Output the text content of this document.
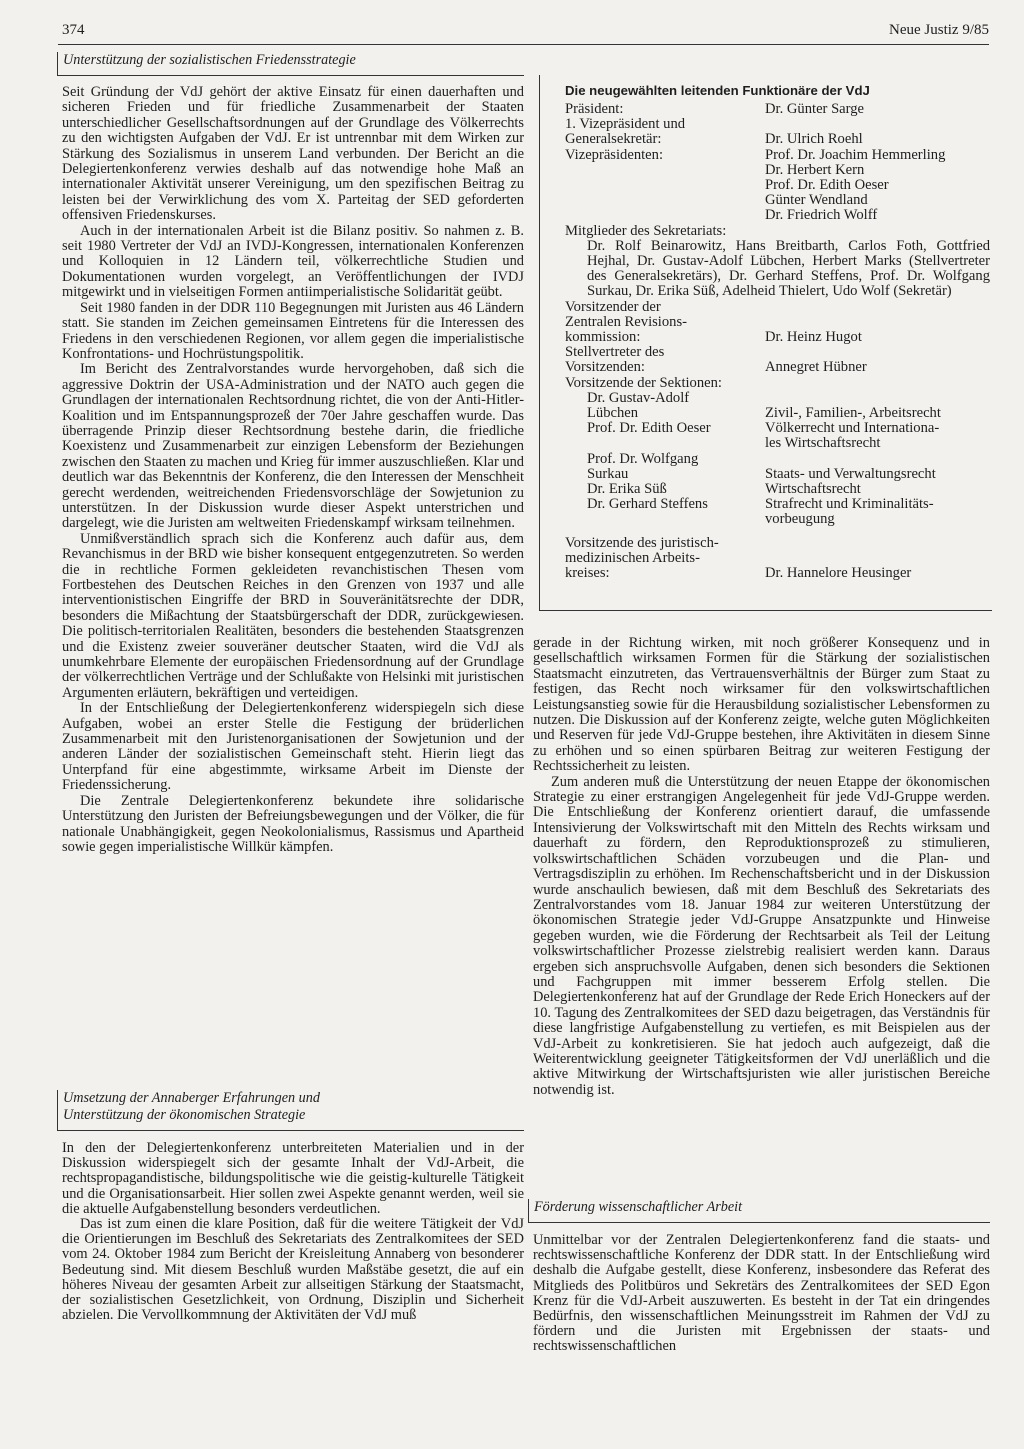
374	Neue Justiz 9/85
Unterstützung der sozialistischen Friedensstrategie

Seit Gründung der VdJ gehört der aktive Einsatz für einen dauerhaften und sicheren Frieden und für friedliche Zusammenarbeit der Staaten unterschiedlicher Gesellschaftsordnungen auf der Grundlage des Völkerrechts zu den wichtigsten Aufgaben der VdJ. Er ist untrennbar mit dem Wirken zur Stärkung des Sozialismus in unserem Land verbunden. Der Bericht an die Delegiertenkonferenz verwies deshalb auf das notwendige hohe Maß an internationaler Aktivität unserer Vereinigung, um den spezifischen Beitrag zu leisten bei der Verwirklichung des vom X. Parteitag der SED geforderten offensiven Friedenskurses.

Auch in der internationalen Arbeit ist die Bilanz positiv. So nahmen z. B. seit 1980 Vertreter der VdJ an IVDJ-Kongressen, internationalen Konferenzen und Kolloquien in 12 Ländern teil, völkerrechtliche Studien und Dokumentationen wurden vorgelegt, an Veröffentlichungen der IVDJ mitgewirkt und in vielseitigen Formen antiimperialistische Solidarität geübt.

Seit 1980 fanden in der DDR 110 Begegnungen mit Juristen aus 46 Ländern statt. Sie standen im Zeichen gemeinsamen Eintretens für die Interessen des Friedens in den verschiedenen Regionen, vor allem gegen die imperialistische Konfrontations- und Hochrüstungspolitik.

Im Bericht des Zentralvorstandes wurde hervorgehoben, daß sich die aggressive Doktrin der USA-Administration und der NATO auch gegen die Grundlagen der internationalen Rechtsordnung richtet, die von der Anti-Hitler-Koalition und im Entspannungsprozeß der 70er Jahre geschaffen wurde. Das überragende Prinzip dieser Rechtsordnung bestehe darin, die friedliche Koexistenz und Zusammenarbeit zur einzigen Lebensform der Beziehungen zwischen den Staaten zu machen und Krieg für immer auszuschließen. Klar und deutlich war das Bekenntnis der Konferenz, die den Interessen der Menschheit gerecht werdenden, weitreichenden Friedensvorschläge der Sowjetunion zu unterstützen. In der Diskussion wurde dieser Aspekt unterstrichen und dargelegt, wie die Juristen am weltweiten Friedenskampf wirksam teilnehmen.

Unmißverständlich sprach sich die Konferenz auch dafür aus, dem Revanchismus in der BRD wie bisher konsequent entgegenzutreten. So werden die in rechtliche Formen gekleideten revanchistischen Thesen vom Fortbestehen des Deutschen Reiches in den Grenzen von 1937 und alle interventionistischen Eingriffe der BRD in Souveränitätsrechte der DDR, besonders die Mißachtung der Staatsbürgerschaft der DDR, zurückgewiesen. Die politisch-territorialen Realitäten, besonders die bestehenden Staatsgrenzen und die Existenz zweier souveräner deutscher Staaten, wird die VdJ als unumkehrbare Elemente der europäischen Friedensordnung auf der Grundlage der völkerrechtlichen Verträge und der Schlußakte von Helsinki mit juristischen Argumenten erläutern, bekräftigen und verteidigen.

In der Entschließung der Delegiertenkonferenz widerspiegeln sich diese Aufgaben, wobei an erster Stelle die Festigung der brüderlichen Zusammenarbeit mit den Juristenorganisationen der Sowjetunion und der anderen Länder der sozialistischen Gemeinschaft steht. Hierin liegt das Unterpfand für eine abgestimmte, wirksame Arbeit im Dienste der Friedenssicherung.

Die Zentrale Delegiertenkonferenz bekundete ihre solidarische Unterstützung den Juristen der Befreiungsbewegungen und der Völker, die für nationale Unabhängigkeit, gegen Neokolonialismus, Rassismus und Apartheid sowie gegen imperialistische Willkür kämpfen.

Umsetzung der Annaberger Erfahrungen und
Unterstützung der ökonomischen Strategie

In den der Delegiertenkonferenz unterbreiteten Materialien und in der Diskussion widerspiegelt sich der gesamte Inhalt der VdJ-Arbeit, die rechtspropagandistische, bildungspolitische wie die geistig-kulturelle Tätigkeit und die Organisationsarbeit. Hier sollen zwei Aspekte genannt werden, weil sie die aktuelle Aufgabenstellung besonders verdeutlichen.

Das ist zum einen die klare Position, daß für die weitere Tätigkeit der VdJ die Orientierungen im Beschluß des Sekretariats des Zentralkomitees der SED vom 24. Oktober 1984 zum Bericht der Kreisleitung Annaberg von besonderer Bedeutung sind. Mit diesem Beschluß wurden Maßstäbe gesetzt, die auf ein höheres Niveau der gesamten Arbeit zur allseitigen Stärkung der Staatsmacht, der sozialistischen Gesetzlichkeit, von Ordnung, Disziplin und Sicherheit abzielen. Die Vervollkommnung der Aktivitäten der VdJ muß

Die neugewählten leitenden Funktionäre der VdJ
Präsident:	Dr. Günter Sarge
1. Vizepräsident und
Generalsekretär:	Dr. Ulrich Roehl
Vizepräsidenten:	Prof. Dr. Joachim Hemmerling
Dr. Herbert Kern
Prof. Dr. Edith Oeser
Günter Wendland
Dr. Friedrich Wolff
Mitglieder des Sekretariats:
Dr. Rolf Beinarowitz, Hans Breitbarth, Carlos Foth, Gottfried Hejhal, Dr. Gustav-Adolf Lübchen, Herbert Marks (Stellvertreter des Generalsekretärs), Dr. Gerhard Steffens, Prof. Dr. Wolfgang Surkau, Dr. Erika Süß, Adelheid Thielert, Udo Wolf (Sekretär)
Vorsitzender der
Zentralen Revisions-
kommission:	Dr. Heinz Hugot
Stellvertreter des
Vorsitzenden:	Annegret Hübner
Vorsitzende der Sektionen:
Dr. Gustav-Adolf
Lübchen	Zivil-, Familien-, Arbeitsrecht
Prof. Dr. Edith Oeser	Völkerrecht und Internationa-
les Wirtschaftsrecht
Prof. Dr. Wolfgang
Surkau	Staats- und Verwaltungsrecht
Dr. Erika Süß	Wirtschaftsrecht
Dr. Gerhard Steffens	Strafrecht und Kriminalitäts-
vorbeugung
Vorsitzende des juristisch-
medizinischen Arbeits-
kreises:	Dr. Hannelore Heusinger

gerade in der Richtung wirken, mit noch größerer Konsequenz und in gesellschaftlich wirksamen Formen für die Stärkung der sozialistischen Staatsmacht einzutreten, das Vertrauensverhältnis der Bürger zum Staat zu festigen, das Recht noch wirksamer für den volkswirtschaftlichen Leistungsanstieg sowie für die Herausbildung sozialistischer Lebensformen zu nutzen. Die Diskussion auf der Konferenz zeigte, welche guten Möglichkeiten und Reserven für jede VdJ-Gruppe bestehen, ihre Aktivitäten in diesem Sinne zu erhöhen und so einen spürbaren Beitrag zur weiteren Festigung der Rechtssicherheit zu leisten.

Zum anderen muß die Unterstützung der neuen Etappe der ökonomischen Strategie zu einer erstrangigen Angelegenheit für jede VdJ-Gruppe werden. Die Entschließung der Konferenz orientiert darauf, die umfassende Intensivierung der Volkswirtschaft mit den Mitteln des Rechts wirksam und dauerhaft zu fördern, den Reproduktionsprozeß zu stimulieren, volkswirtschaftlichen Schäden vorzubeugen und die Plan- und Vertragsdisziplin zu erhöhen. Im Rechenschaftsbericht und in der Diskussion wurde anschaulich bewiesen, daß mit dem Beschluß des Sekretariats des Zentralvorstandes vom 18. Januar 1984 zur weiteren Unterstützung der ökonomischen Strategie jeder VdJ-Gruppe Ansatzpunkte und Hinweise gegeben wurden, wie die Förderung der Rechtsarbeit als Teil der Leitung volkswirtschaftlicher Prozesse zielstrebig realisiert werden kann. Daraus ergeben sich anspruchsvolle Aufgaben, denen sich besonders die Sektionen und Fachgruppen mit immer besserem Erfolg stellen. Die Delegiertenkonferenz hat auf der Grundlage der Rede Erich Honeckers auf der 10. Tagung des Zentralkomitees der SED dazu beigetragen, das Verständnis für diese langfristige Aufgabenstellung zu vertiefen, es mit Beispielen aus der VdJ-Arbeit zu konkretisieren. Sie hat jedoch auch aufgezeigt, daß die Weiterentwicklung geeigneter Tätigkeitsformen der VdJ unerläßlich und die aktive Mitwirkung der Wirtschaftsjuristen wie aller juristischen Bereiche notwendig ist.

Förderung wissenschaftlicher Arbeit

Unmittelbar vor der Zentralen Delegiertenkonferenz fand die staats- und rechtswissenschaftliche Konferenz der DDR statt. In der Entschließung wird deshalb die Aufgabe gestellt, diese Konferenz, insbesondere das Referat des Mitglieds des Politbüros und Sekretärs des Zentralkomitees der SED Egon Krenz für die VdJ-Arbeit auszuwerten. Es besteht in der Tat ein dringendes Bedürfnis, den wissenschaftlichen Meinungsstreit im Rahmen der VdJ zu fördern und die Juristen mit Ergebnissen der staats- und rechtswissenschaftlichen
